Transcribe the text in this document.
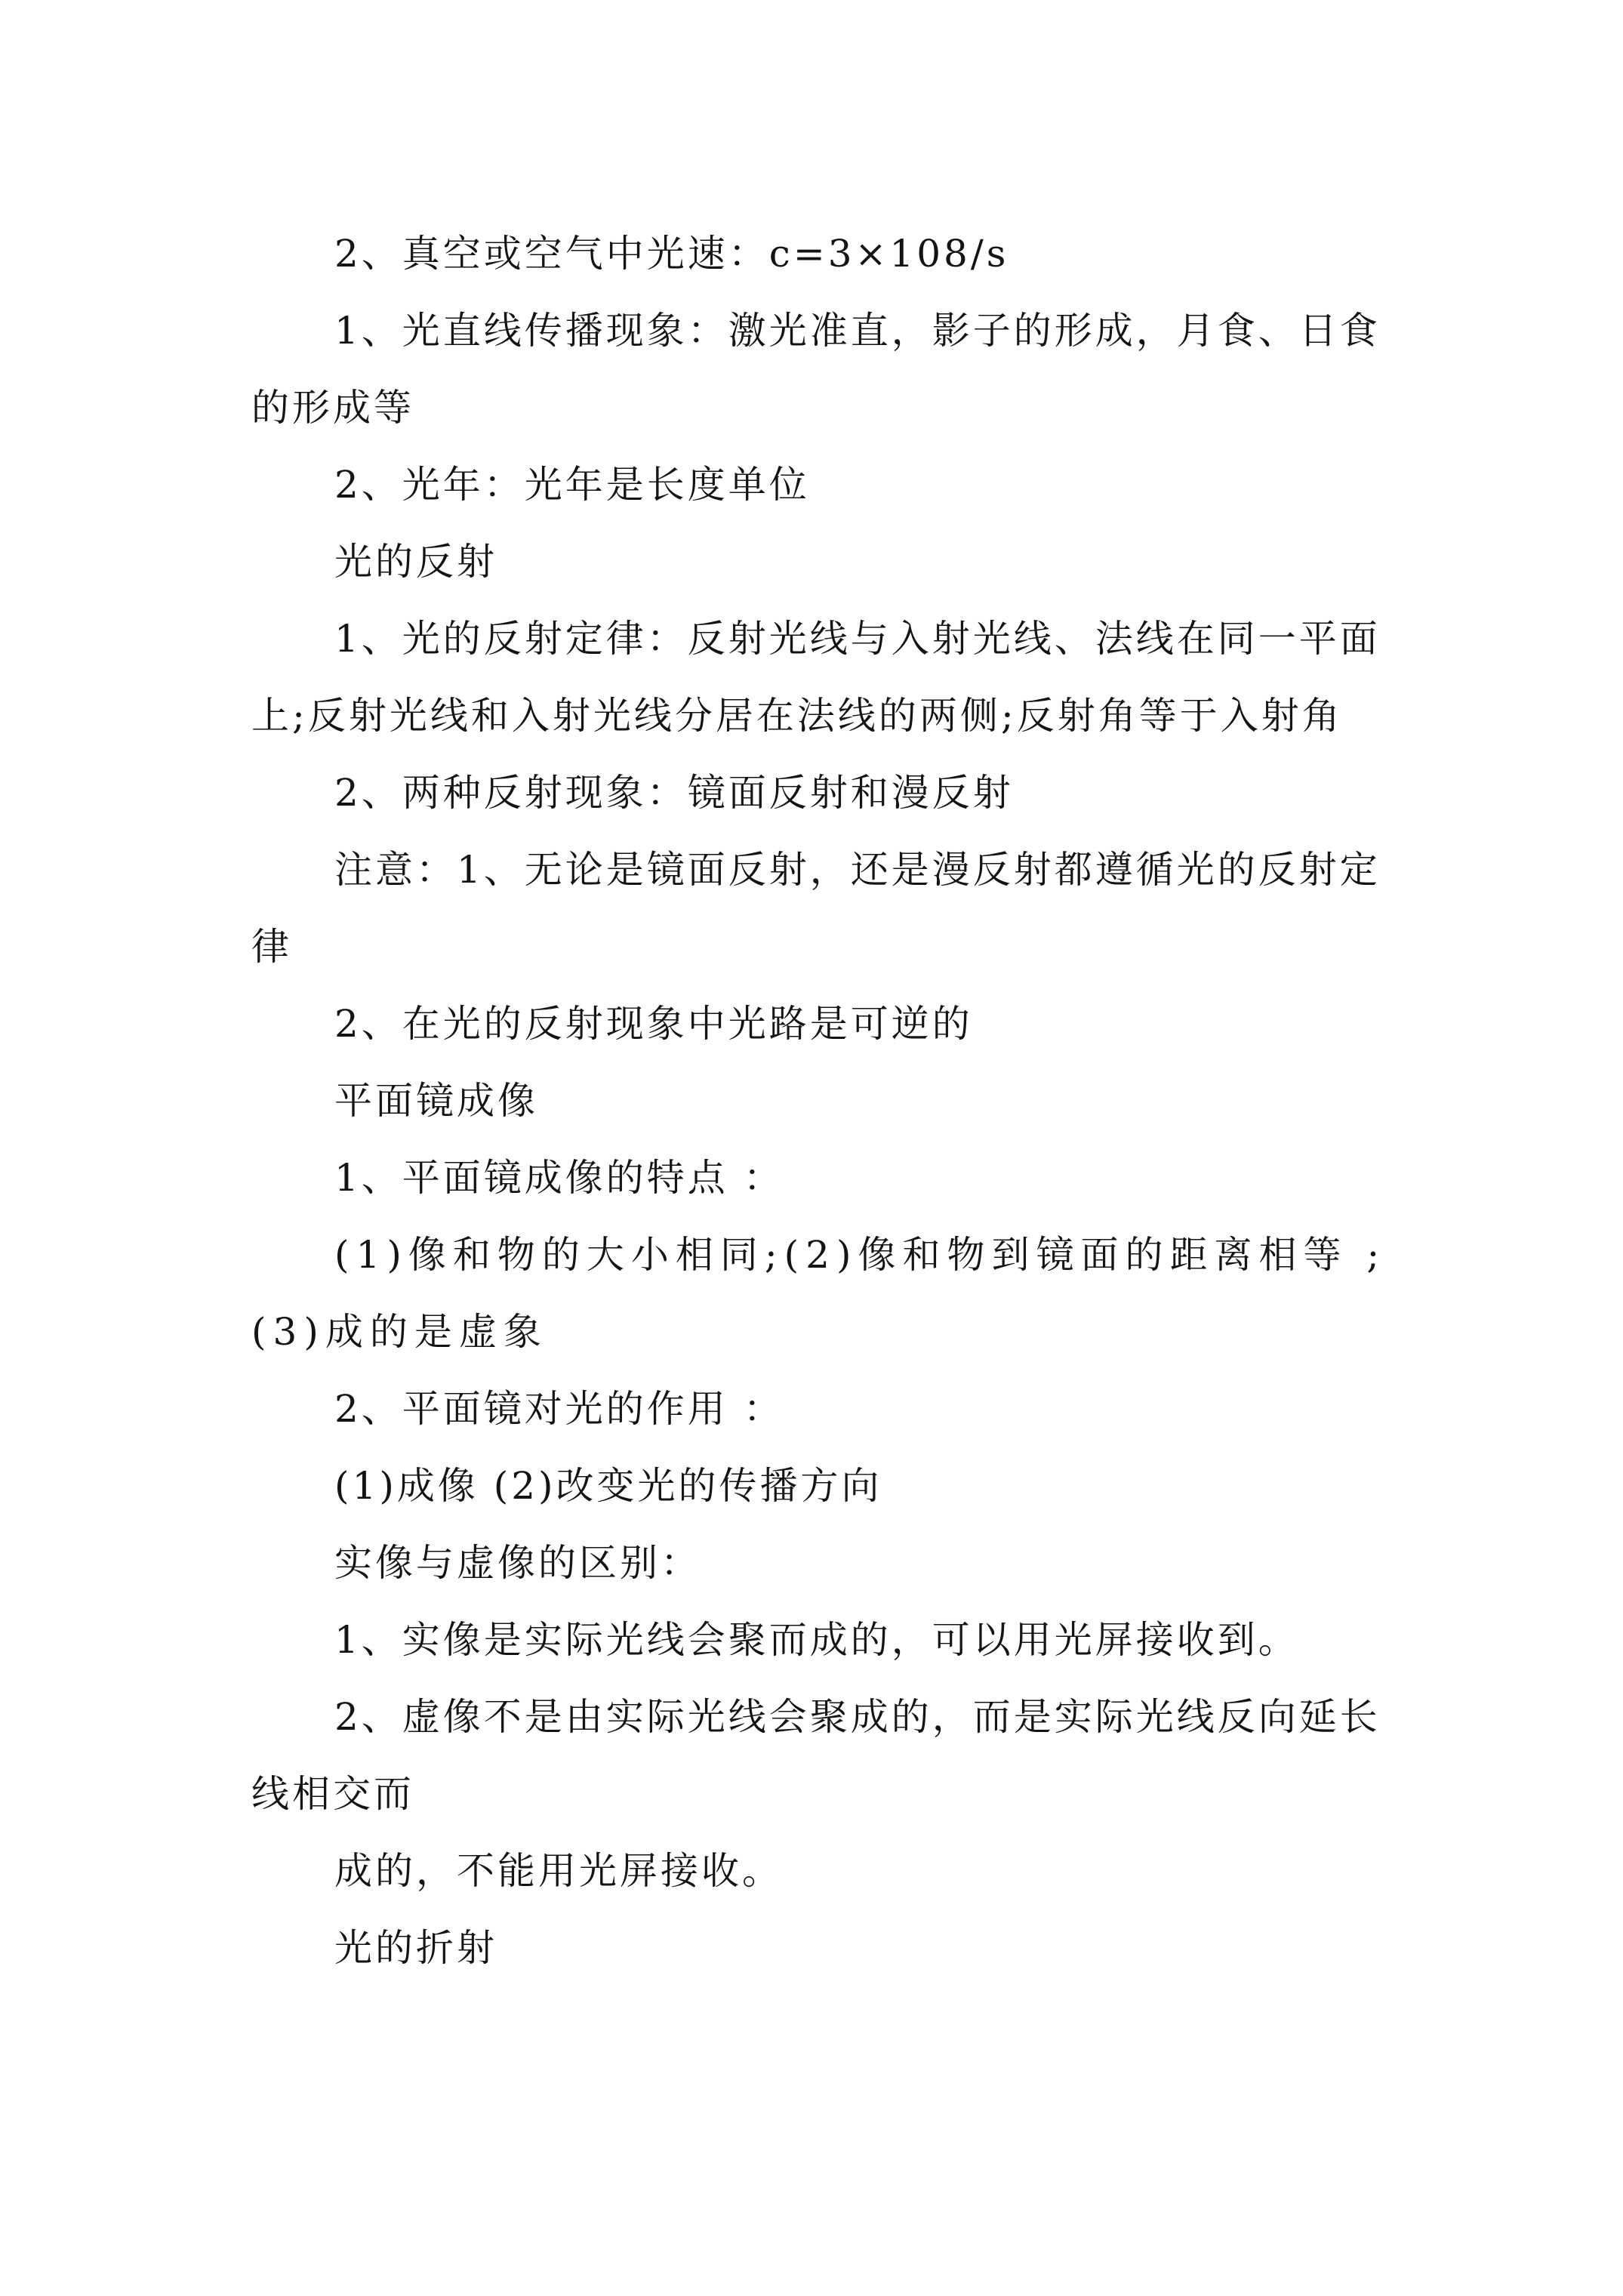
2、真空或空气中光速：c=3×108/s

1、光直线传播现象：激光准直，影子的形成，月食、日食的形成等

2、光年：光年是长度单位

光的反射

1、光的反射定律：反射光线与入射光线、法线在同一平面上;反射光线和入射光线分居在法线的两侧;反射角等于入射角

2、两种反射现象：镜面反射和漫反射

注意：1、无论是镜面反射，还是漫反射都遵循光的反射定律

2、在光的反射现象中光路是可逆的

平面镜成像

1、平面镜成像的特点 ：

(1)像和物的大小相同;(2)像和物到镜面的距离相等 ;(3)成的是虚象

2、平面镜对光的作用 ：

(1)成像 (2)改变光的传播方向

实像与虚像的区别：

1、实像是实际光线会聚而成的，可以用光屏接收到。

2、虚像不是由实际光线会聚成的，而是实际光线反向延长线相交而

成的，不能用光屏接收。

光的折射
